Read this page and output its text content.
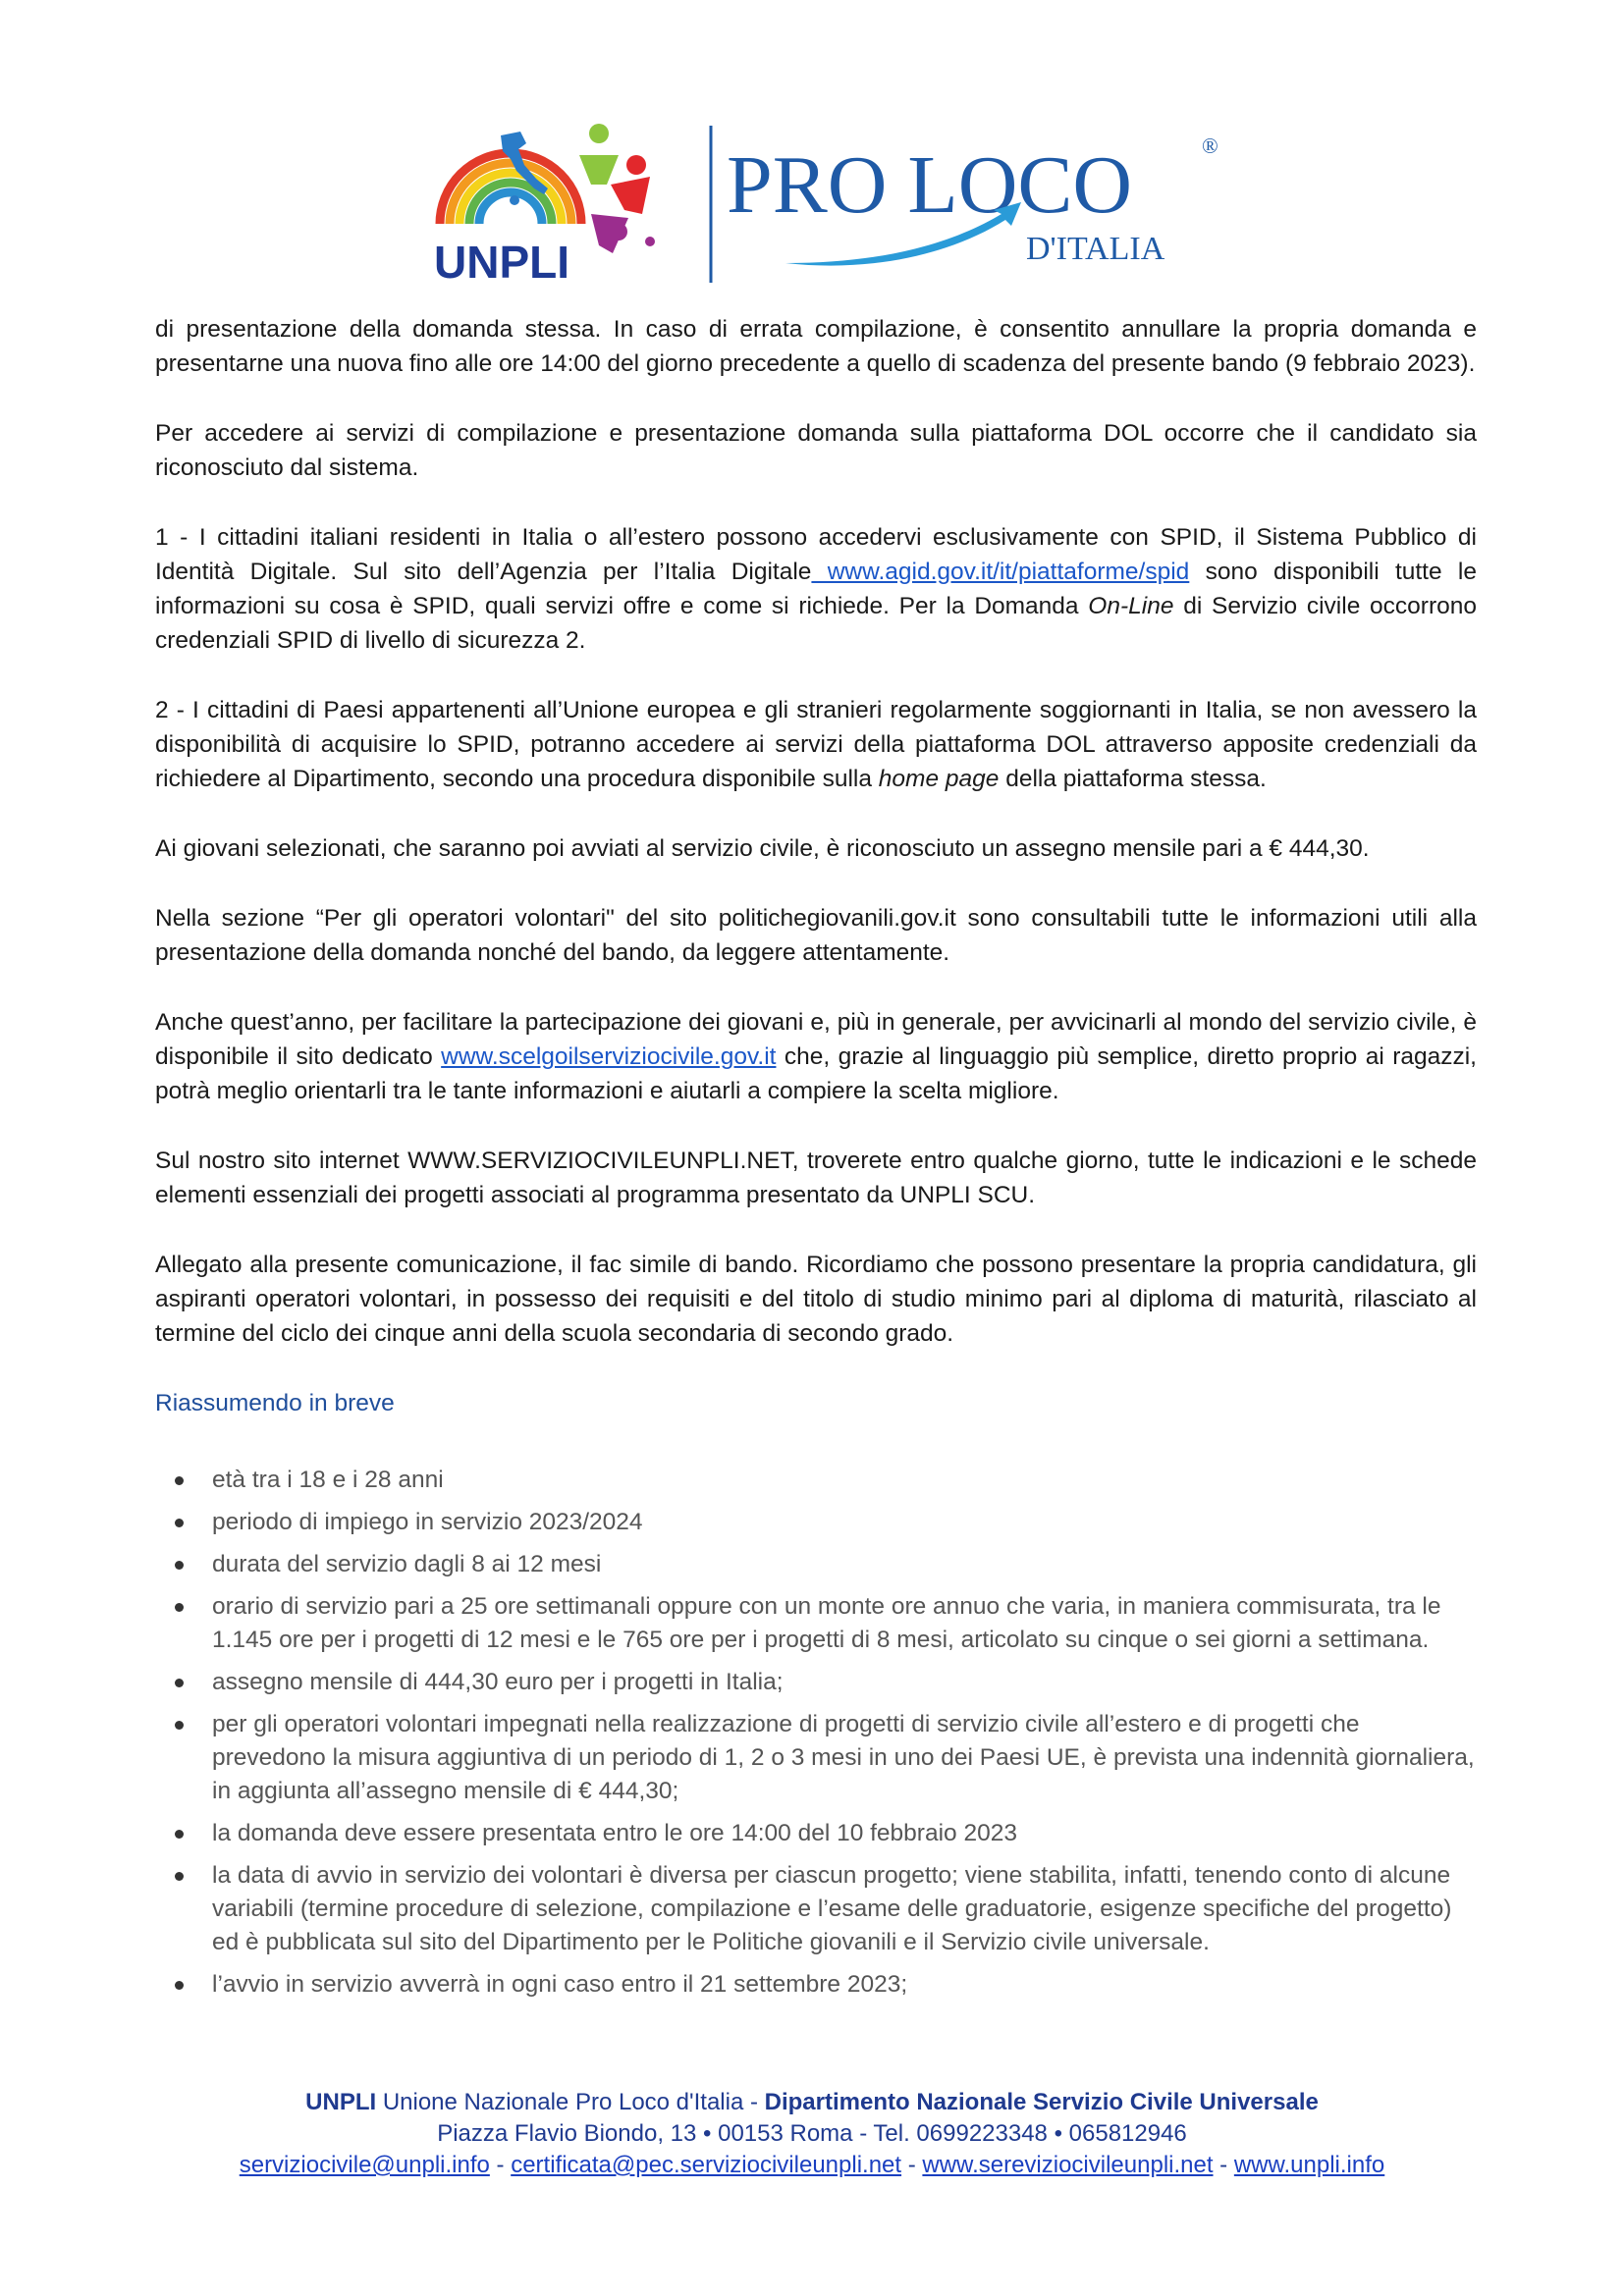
UNPLI
PRO LOCO	®
D'ITALIA

di presentazione della domanda stessa. In caso di errata compilazione, è consentito annullare la propria domanda e presentarne una nuova fino alle ore 14:00 del giorno precedente a quello di scadenza del presente bando (9 febbraio 2023).

Per accedere ai servizi di compilazione e presentazione domanda sulla piattaforma DOL occorre che il candidato sia riconosciuto dal sistema.

1 - I cittadini italiani residenti in Italia o all’estero possono accedervi esclusivamente con SPID, il Sistema Pubblico di Identità Digitale. Sul sito dell’Agenzia per l’Italia Digitale www.agid.gov.it/it/piattaforme/spid sono disponibili tutte le informazioni su cosa è SPID, quali servizi offre e come si richiede. Per la Domanda On-Line di Servizio civile occorrono credenziali SPID di livello di sicurezza 2.

2 - I cittadini di Paesi appartenenti all’Unione europea e gli stranieri regolarmente soggiornanti in Italia, se non avessero la disponibilità di acquisire lo SPID, potranno accedere ai servizi della piattaforma DOL attraverso apposite credenziali da richiedere al Dipartimento, secondo una procedura disponibile sulla home page della piattaforma stessa.

Ai giovani selezionati, che saranno poi avviati al servizio civile, è riconosciuto un assegno mensile pari a € 444,30.

Nella sezione “Per gli operatori volontari" del sito politichegiovanili.gov.it sono consultabili tutte le informazioni utili alla presentazione della domanda nonché del bando, da leggere attentamente.

Anche quest’anno, per facilitare la partecipazione dei giovani e, più in generale, per avvicinarli al mondo del servizio civile, è disponibile il sito dedicato www.scelgoilserviziocivile.gov.it che, grazie al linguaggio più semplice, diretto proprio ai ragazzi, potrà meglio orientarli tra le tante informazioni e aiutarli a compiere la scelta migliore.

Sul nostro sito internet WWW.SERVIZIOCIVILEUNPLI.NET, troverete entro qualche giorno, tutte le indicazioni e le schede elementi essenziali dei progetti associati al programma presentato da UNPLI SCU.

Allegato alla presente comunicazione, il fac simile di bando. Ricordiamo che possono presentare la propria candidatura, gli aspiranti operatori volontari, in possesso dei requisiti e del titolo di studio minimo pari al diploma di maturità, rilasciato al termine del ciclo dei cinque anni della scuola secondaria di secondo grado.

Riassumendo in breve

età tra i 18 e i 28 anni
periodo di impiego in servizio 2023/2024
durata del servizio dagli 8 ai 12 mesi
orario di servizio pari a 25 ore settimanali oppure con un monte ore annuo che varia, in maniera commisurata, tra le 1.145 ore per i progetti di 12 mesi e le 765 ore per i progetti di 8 mesi, articolato su cinque o sei giorni a settimana.
assegno mensile di 444,30 euro per i progetti in Italia;
per gli operatori volontari impegnati nella realizzazione di progetti di servizio civile all’estero e di progetti che prevedono la misura aggiuntiva di un periodo di 1, 2 o 3 mesi in uno dei Paesi UE, è prevista una indennità giornaliera, in aggiunta all’assegno mensile di € 444,30;
la domanda deve essere presentata entro le ore 14:00 del 10 febbraio 2023
la data di avvio in servizio dei volontari è diversa per ciascun progetto; viene stabilita, infatti, tenendo conto di alcune variabili (termine procedure di selezione, compilazione e l’esame delle graduatorie, esigenze specifiche del progetto) ed è pubblicata sul sito del Dipartimento per le Politiche giovanili e il Servizio civile universale.
l’avvio in servizio avverrà in ogni caso entro il 21 settembre 2023;
UNPLI Unione Nazionale Pro Loco d'Italia - Dipartimento Nazionale Servizio Civile Universale
Piazza Flavio Biondo, 13 • 00153 Roma - Tel. 0699223348 • 065812946
serviziocivile@unpli.info - certificata@pec.serviziocivileunpli.net - www.sereviziocivileunpli.net - www.unpli.info
